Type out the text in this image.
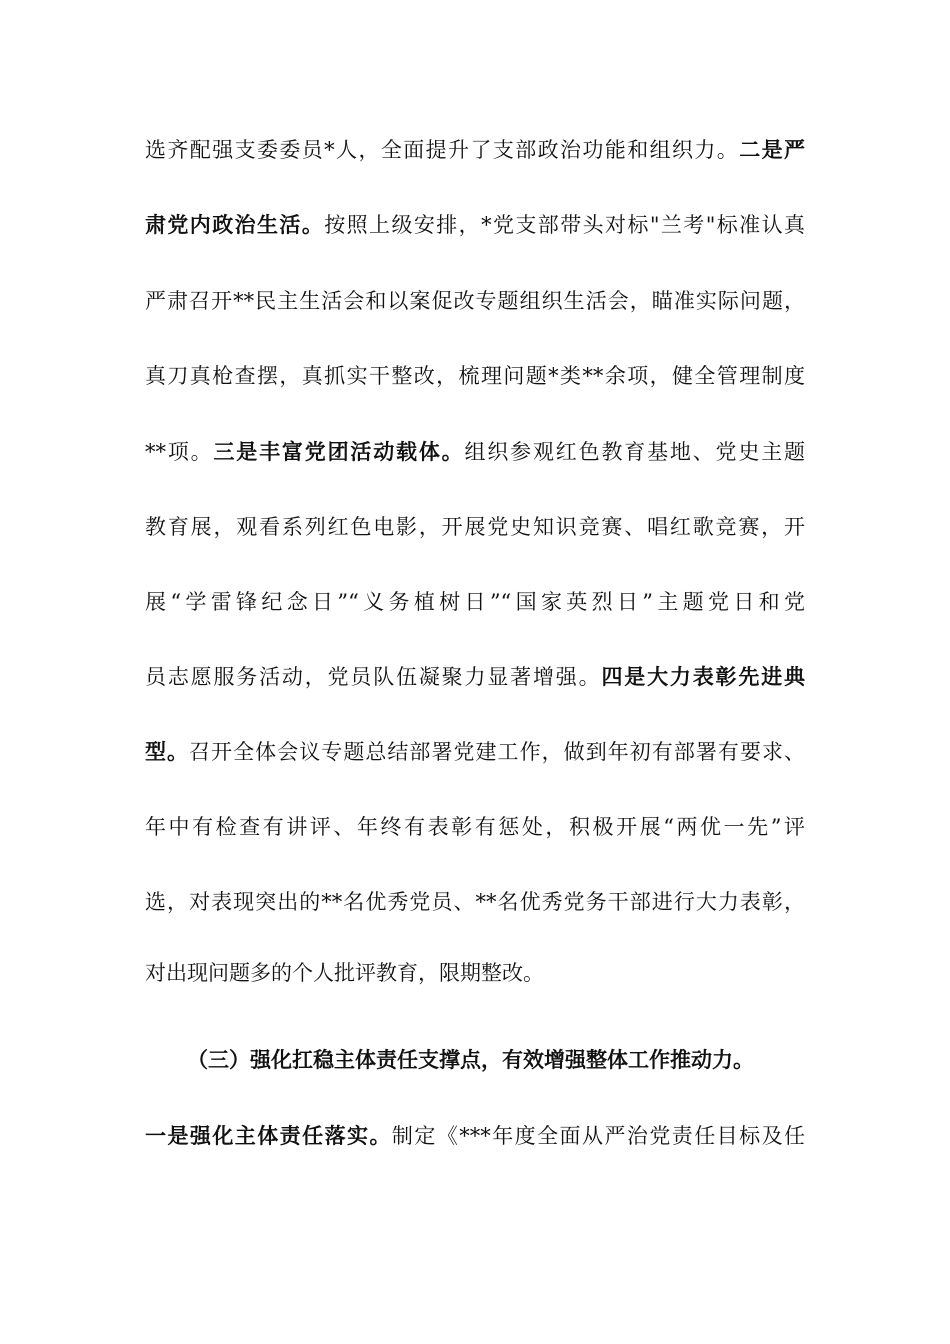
选齐配强支委委员*人，全面提升了支部政治功能和组织力。二是严
肃党内政治生活。按照上级安排，*党支部带头对标"兰考"标准认真
严肃召开**民主生活会和以案促改专题组织生活会，瞄准实际问题，
真刀真枪查摆，真抓实干整改，梳理问题*类**余项，健全管理制度
**项。三是丰富党团活动载体。组织参观红色教育基地、党史主题
教育展，观看系列红色电影，开展党史知识竞赛、唱红歌竞赛，开
展“学雷锋纪念日”“义务植树日”“国家英烈日”主题党日和党
员志愿服务活动，党员队伍凝聚力显著增强。四是大力表彰先进典
型。召开全体会议专题总结部署党建工作，做到年初有部署有要求、
年中有检查有讲评、年终有表彰有惩处，积极开展“两优一先”评
选，对表现突出的**名优秀党员、**名优秀党务干部进行大力表彰，
对出现问题多的个人批评教育，限期整改。
（三）强化扛稳主体责任支撑点，有效增强整体工作推动力。
一是强化主体责任落实。制定《***年度全面从严治党责任目标及任
